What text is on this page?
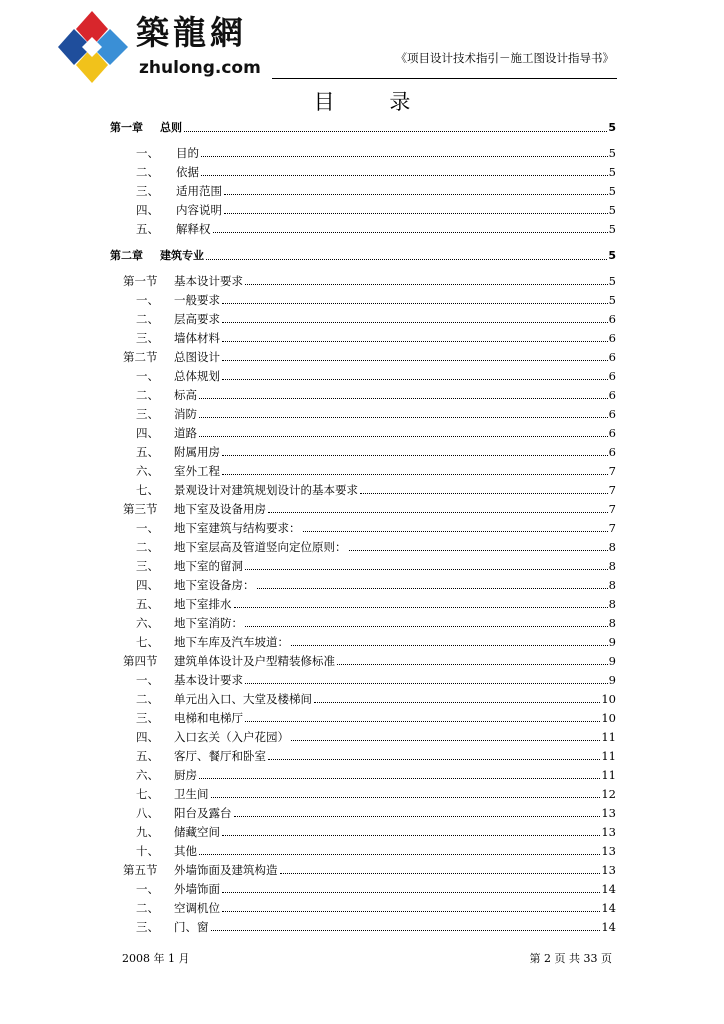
築龍網
zhulong.com	《项目设计技术指引－施工图设计指导书》
目 录
第一章	总则	5
一、	目的	5
二、	依据	5
三、	适用范围	5
四、	内容说明	5
五、	解释权	5
第二章	建筑专业	5
第一节	基本设计要求	5
一、	一般要求	5
二、	层高要求	6
三、	墙体材料	6
第二节	总图设计	6
一、	总体规划	6
二、	标高	6
三、	消防	6
四、	道路	6
五、	附属用房	6
六、	室外工程	7
七、	景观设计对建筑规划设计的基本要求	7
第三节	地下室及设备用房	7
一、	地下室建筑与结构要求：	7
二、	地下室层高及管道竖向定位原则：	8
三、	地下室的留洞	8
四、	地下室设备房：	8
五、	地下室排水	8
六、	地下室消防：	8
七、	地下车库及汽车坡道：	9
第四节	建筑单体设计及户型精装修标准	9
一、	基本设计要求	9
二、	单元出入口、大堂及楼梯间	10
三、	电梯和电梯厅	10
四、	入口玄关（入户花园）	11
五、	客厅、餐厅和卧室	11
六、	厨房	11
七、	卫生间	12
八、	阳台及露台	13
九、	储藏空间	13
十、	其他	13
第五节	外墙饰面及建筑构造	13
一、	外墙饰面	14
二、	空调机位	14
三、	门、窗	14
2008 年 1 月	第 2 页 共 33 页
